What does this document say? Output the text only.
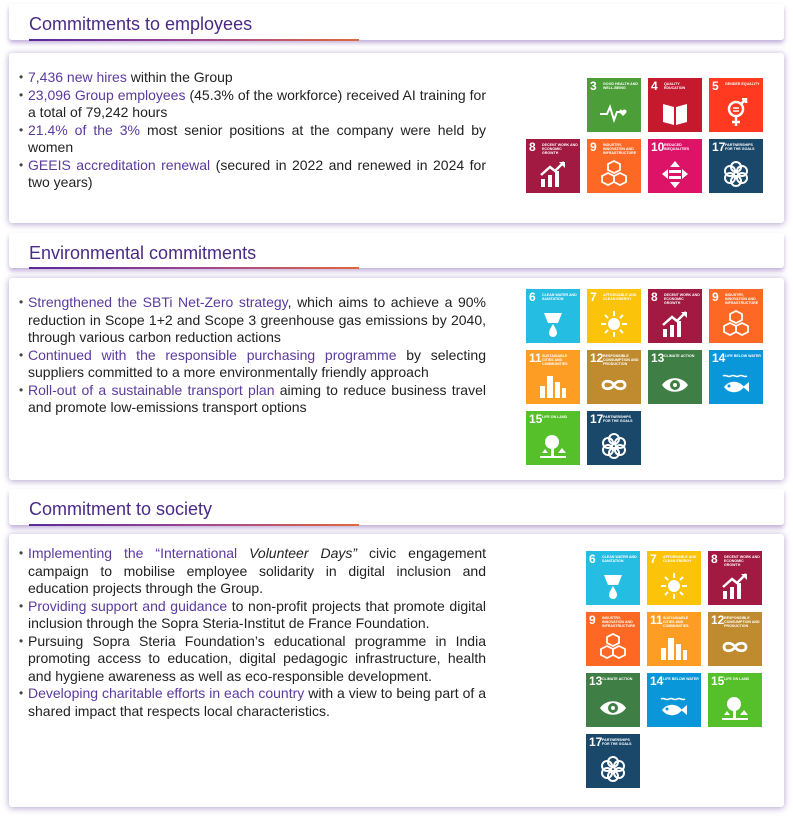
Commitments to employees
• 7,436 new hires within the Group
• 23,096 Group employees (45.3% of the workforce) received AI training for a total of 79,242 hours
• 21.4% of the 3% most senior positions at the company were held by women
• GEEIS accreditation renewal (secured in 2022 and renewed in 2024 for two years)
3 GOOD HEALTH AND WELL-BEING	4 QUALITY EDUCATION	5 GENDER EQUALITY
8 DECENT WORK AND ECONOMIC GROWTH	9 INDUSTRY, INNOVATION AND INFRASTRUCTURE 10 REDUCED INEQUALITIES	17 PARTNERSHIPS FOR THE GOALS
Environmental commitments
• Strengthened the SBTi Net-Zero strategy, which aims to achieve a 90% reduction in Scope 1+2 and Scope 3 greenhouse gas emissions by 2040, through various carbon reduction actions
• Continued with the responsible purchasing programme by selecting suppliers committed to a more environmentally friendly approach
• Roll-out of a sustainable transport plan aiming to reduce business travel and promote low-emissions transport options
6 CLEAN WATER AND SANITATION	7 AFFORDABLE AND CLEAN ENERGY	8 DECENT WORK AND ECONOMIC GROWTH	9 INDUSTRY, INNOVATION AND INFRASTRUCTURE
11 SUSTAINABLE CITIES AND COMMUNITIES	12 RESPONSIBLE CONSUMPTION AND PRODUCTION	13 CLIMATE ACTION	14 LIFE BELOW WATER
15 LIFE ON LAND	17 PARTNERSHIPS FOR THE GOALS
Commitment to society
• Implementing the “International Volunteer Days” civic engagement campaign to mobilise employee solidarity in digital inclusion and education projects through the Group.
• Providing support and guidance to non-profit projects that promote digital inclusion through the Sopra Steria-Institut de France Foundation.
• Pursuing Sopra Steria Foundation’s educational programme in India promoting access to education, digital pedagogic infrastructure, health and hygiene awareness as well as eco-responsible development.
• Developing charitable efforts in each country with a view to being part of a shared impact that respects local characteristics.
6 CLEAN WATER AND SANITATION	7 AFFORDABLE AND CLEAN ENERGY	8 DECENT WORK AND ECONOMIC GROWTH
9 INDUSTRY, INNOVATION AND INFRASTRUCTURE 11 SUSTAINABLE CITIES AND COMMUNITIES	12 RESPONSIBLE CONSUMPTION AND PRODUCTION
13 CLIMATE ACTION	14 LIFE BELOW WATER 15 LIFE ON LAND
17 PARTNERSHIPS FOR THE GOALS
